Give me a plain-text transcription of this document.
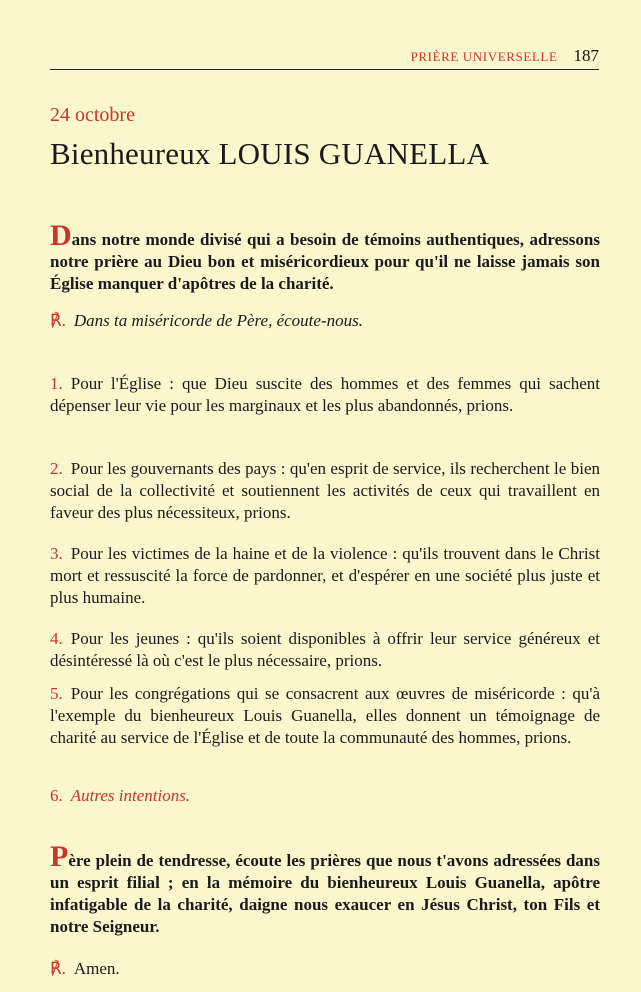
PRIÈRE UNIVERSELLE 187
24 octobre
Bienheureux LOUIS GUANELLA
Dans notre monde divisé qui a besoin de témoins authentiques, adressons notre prière au Dieu bon et miséricordieux pour qu'il ne laisse jamais son Église manquer d'apôtres de la charité.
℟. Dans ta miséricorde de Père, écoute-nous.
1. Pour l'Église : que Dieu suscite des hommes et des femmes qui sachent dépenser leur vie pour les marginaux et les plus abandonnés, prions.
2. Pour les gouvernants des pays : qu'en esprit de service, ils recherchent le bien social de la collectivité et soutiennent les activités de ceux qui travaillent en faveur des plus nécessiteux, prions.
3. Pour les victimes de la haine et de la violence : qu'ils trouvent dans le Christ mort et ressuscité la force de pardonner, et d'espérer en une société plus juste et plus humaine.
4. Pour les jeunes : qu'ils soient disponibles à offrir leur service généreux et désintéressé là où c'est le plus nécessaire, prions.
5. Pour les congrégations qui se consacrent aux œuvres de miséricorde : qu'à l'exemple du bienheureux Louis Guanella, elles donnent un témoignage de charité au service de l'Église et de toute la communauté des hommes, prions.
6. Autres intentions.
Père plein de tendresse, écoute les prières que nous t'avons adressées dans un esprit filial ; en la mémoire du bienheureux Louis Guanella, apôtre infatigable de la charité, daigne nous exaucer en Jésus Christ, ton Fils et notre Seigneur.
℟. Amen.
